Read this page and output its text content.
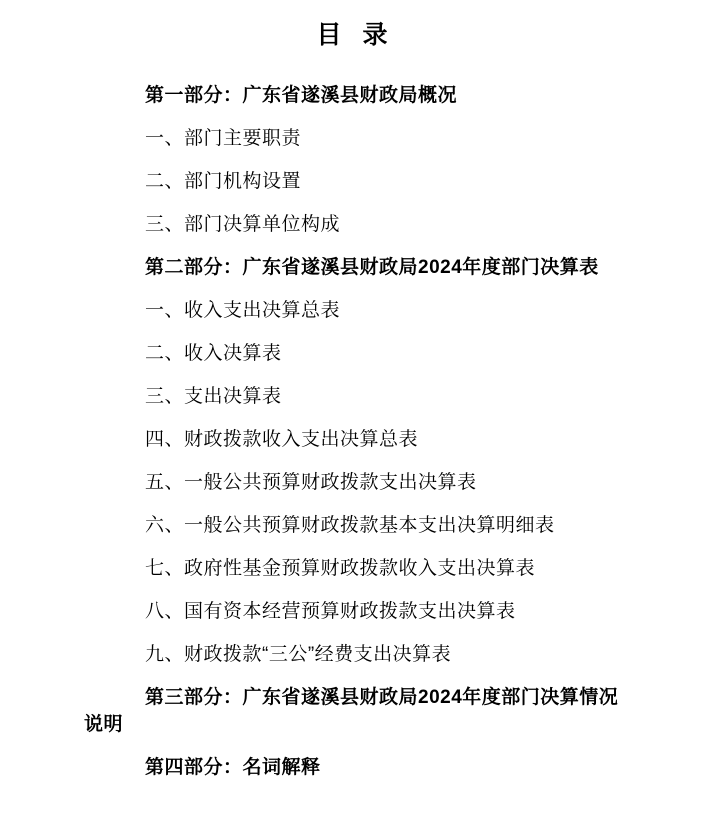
目 录

第一部分：广东省遂溪县财政局概况

一、部门主要职责

二、部门机构设置

三、部门决算单位构成

第二部分：广东省遂溪县财政局2024年度部门决算表

一、收入支出决算总表

二、收入决算表

三、支出决算表

四、财政拨款收入支出决算总表

五、一般公共预算财政拨款支出决算表

六、一般公共预算财政拨款基本支出决算明细表

七、政府性基金预算财政拨款收入支出决算表

八、国有资本经营预算财政拨款支出决算表

九、财政拨款“三公”经费支出决算表

第三部分：广东省遂溪县财政局2024年度部门决算情况说明

第四部分：名词解释
